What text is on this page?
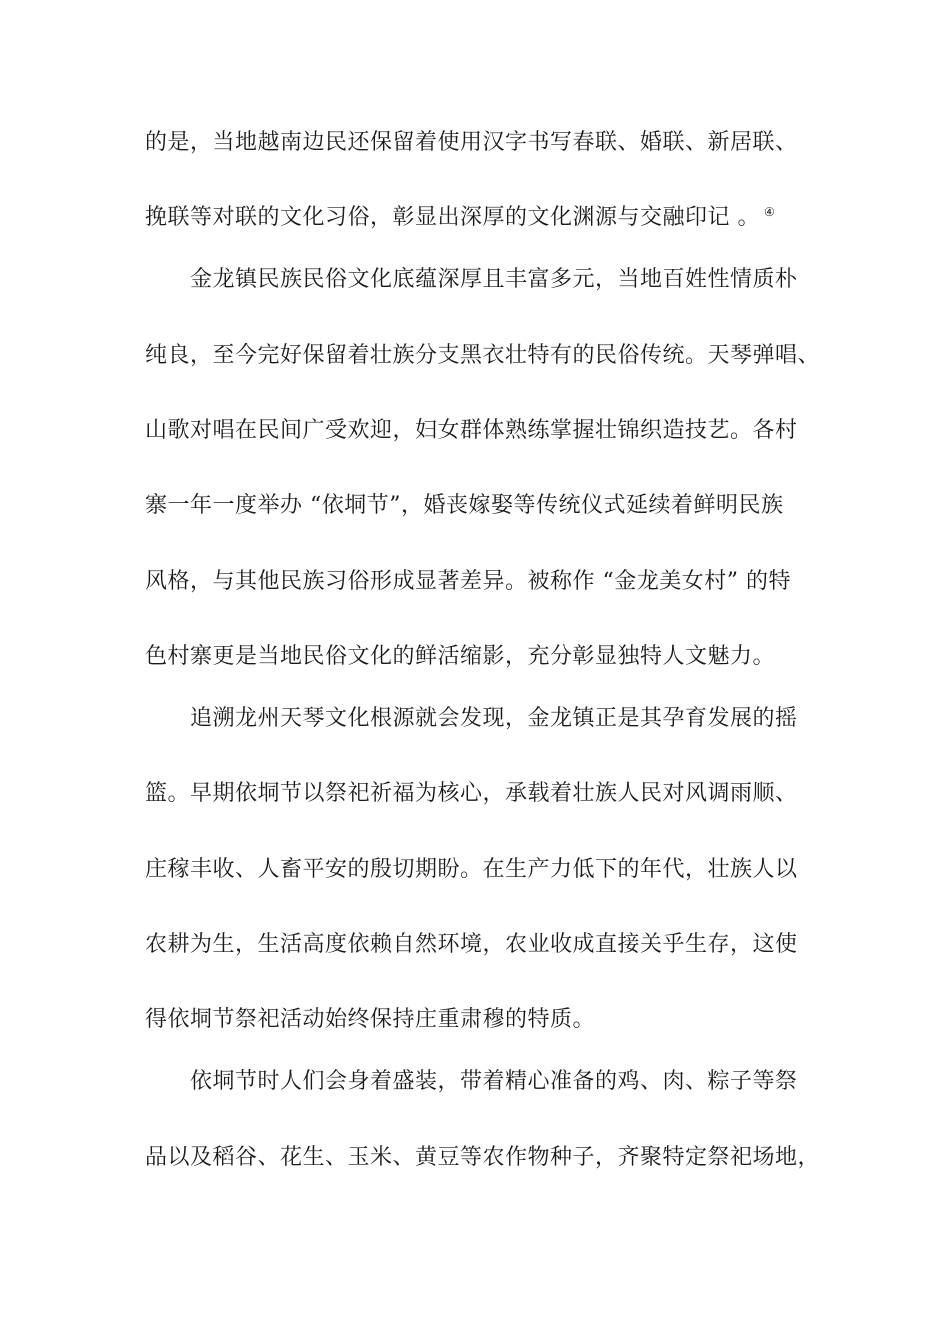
的是，当地越南边民还保留着使用汉字书写春联、婚联、新居联、
挽联等对联的文化习俗，彰显出深厚的文化渊源与交融印记 。 ④
金龙镇民族民俗文化底蕴深厚且丰富多元，当地百姓性情质朴
纯良，至今完好保留着壮族分支黑衣壮特有的民俗传统。天琴弹唱、
山歌对唱在民间广受欢迎，妇女群体熟练掌握壮锦织造技艺。各村
寨一年一度举办 “依垌节”，婚丧嫁娶等传统仪式延续着鲜明民族
风格，与其他民族习俗形成显著差异。被称作 “金龙美女村” 的特
色村寨更是当地民俗文化的鲜活缩影，充分彰显独特人文魅力。
追溯龙州天琴文化根源就会发现，金龙镇正是其孕育发展的摇
篮。早期依垌节以祭祀祈福为核心，承载着壮族人民对风调雨顺、
庄稼丰收、人畜平安的殷切期盼。在生产力低下的年代，壮族人以
农耕为生，生活高度依赖自然环境，农业收成直接关乎生存，这使
得依垌节祭祀活动始终保持庄重肃穆的特质。
依垌节时人们会身着盛装，带着精心准备的鸡、肉、粽子等祭
品以及稻谷、花生、玉米、黄豆等农作物种子，齐聚特定祭祀场地，
